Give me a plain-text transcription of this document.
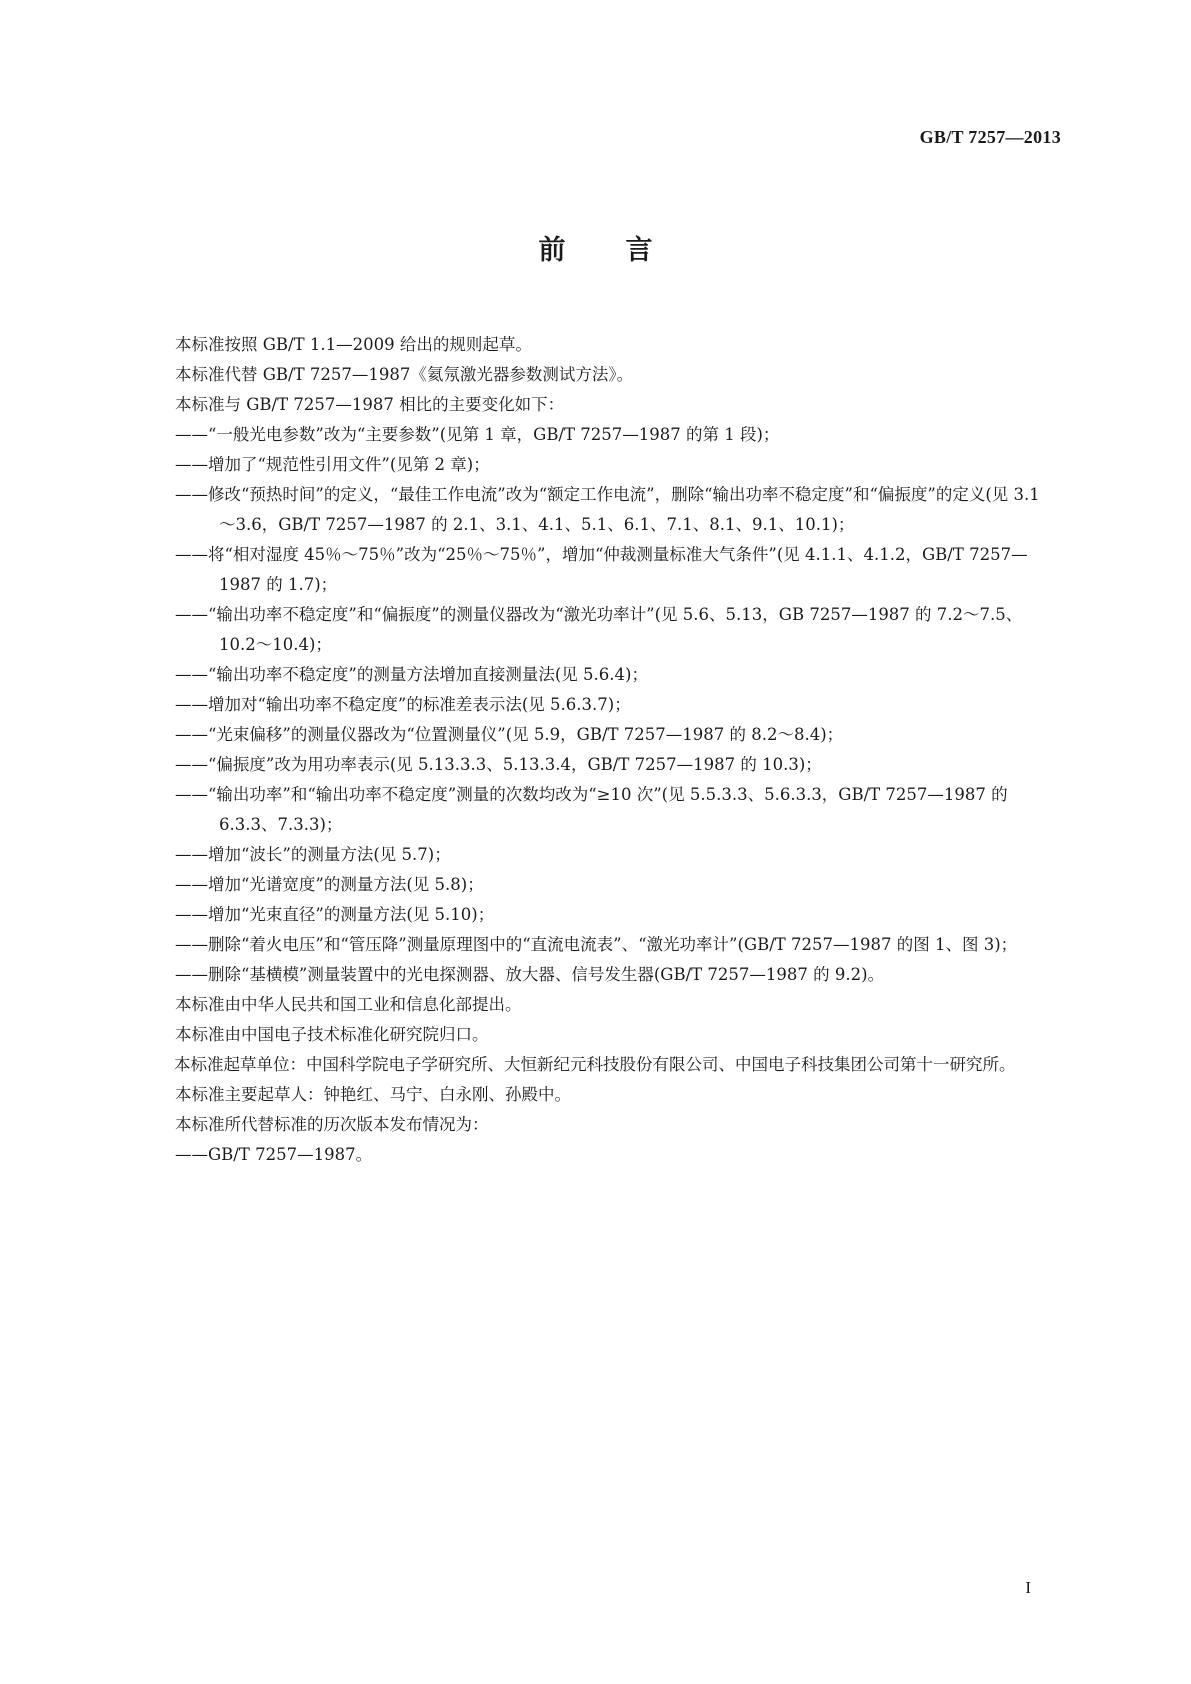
GB/T 7257—2013
前 言
本标准按照 GB/T 1.1—2009 给出的规则起草。
本标准代替 GB/T 7257—1987《氦氖激光器参数测试方法》。
本标准与 GB/T 7257—1987 相比的主要变化如下：
——“一般光电参数”改为“主要参数”(见第 1 章，GB/T 7257—1987 的第 1 段)；
——增加了“规范性引用文件”(见第 2 章)；
——修改“预热时间”的定义，“最佳工作电流”改为“额定工作电流”，删除“输出功率不稳定度”和“偏振度”的定义(见 3.1～3.6，GB/T 7257—1987 的 2.1、3.1、4.1、5.1、6.1、7.1、8.1、9.1、10.1)；
——将“相对湿度 45％～75％”改为“25％～75％”，增加“仲裁测量标准大气条件”(见 4.1.1、4.1.2，GB/T 7257—1987 的 1.7)；
——“输出功率不稳定度”和“偏振度”的测量仪器改为“激光功率计”(见 5.6、5.13，GB 7257—1987 的 7.2～7.5、10.2～10.4)；
——“输出功率不稳定度”的测量方法增加直接测量法(见 5.6.4)；
——增加对“输出功率不稳定度”的标准差表示法(见 5.6.3.7)；
——“光束偏移”的测量仪器改为“位置测量仪”(见 5.9，GB/T 7257—1987 的 8.2～8.4)；
——“偏振度”改为用功率表示(见 5.13.3.3、5.13.3.4，GB/T 7257—1987 的 10.3)；
——“输出功率”和“输出功率不稳定度”测量的次数均改为“≥10 次”(见 5.5.3.3、5.6.3.3，GB/T 7257—1987 的 6.3.3、7.3.3)；
——增加“波长”的测量方法(见 5.7)；
——增加“光谱宽度”的测量方法(见 5.8)；
——增加“光束直径”的测量方法(见 5.10)；
——删除“着火电压”和“管压降”测量原理图中的“直流电流表”、“激光功率计”(GB/T 7257—1987 的图 1、图 3)；
——删除“基横模”测量装置中的光电探测器、放大器、信号发生器(GB/T 7257—1987 的 9.2)。
本标准由中华人民共和国工业和信息化部提出。
本标准由中国电子技术标准化研究院归口。
本标准起草单位：中国科学院电子学研究所、大恒新纪元科技股份有限公司、中国电子科技集团公司第十一研究所。
本标准主要起草人：钟艳红、马宁、白永刚、孙殿中。
本标准所代替标准的历次版本发布情况为：
——GB/T 7257—1987。
I
